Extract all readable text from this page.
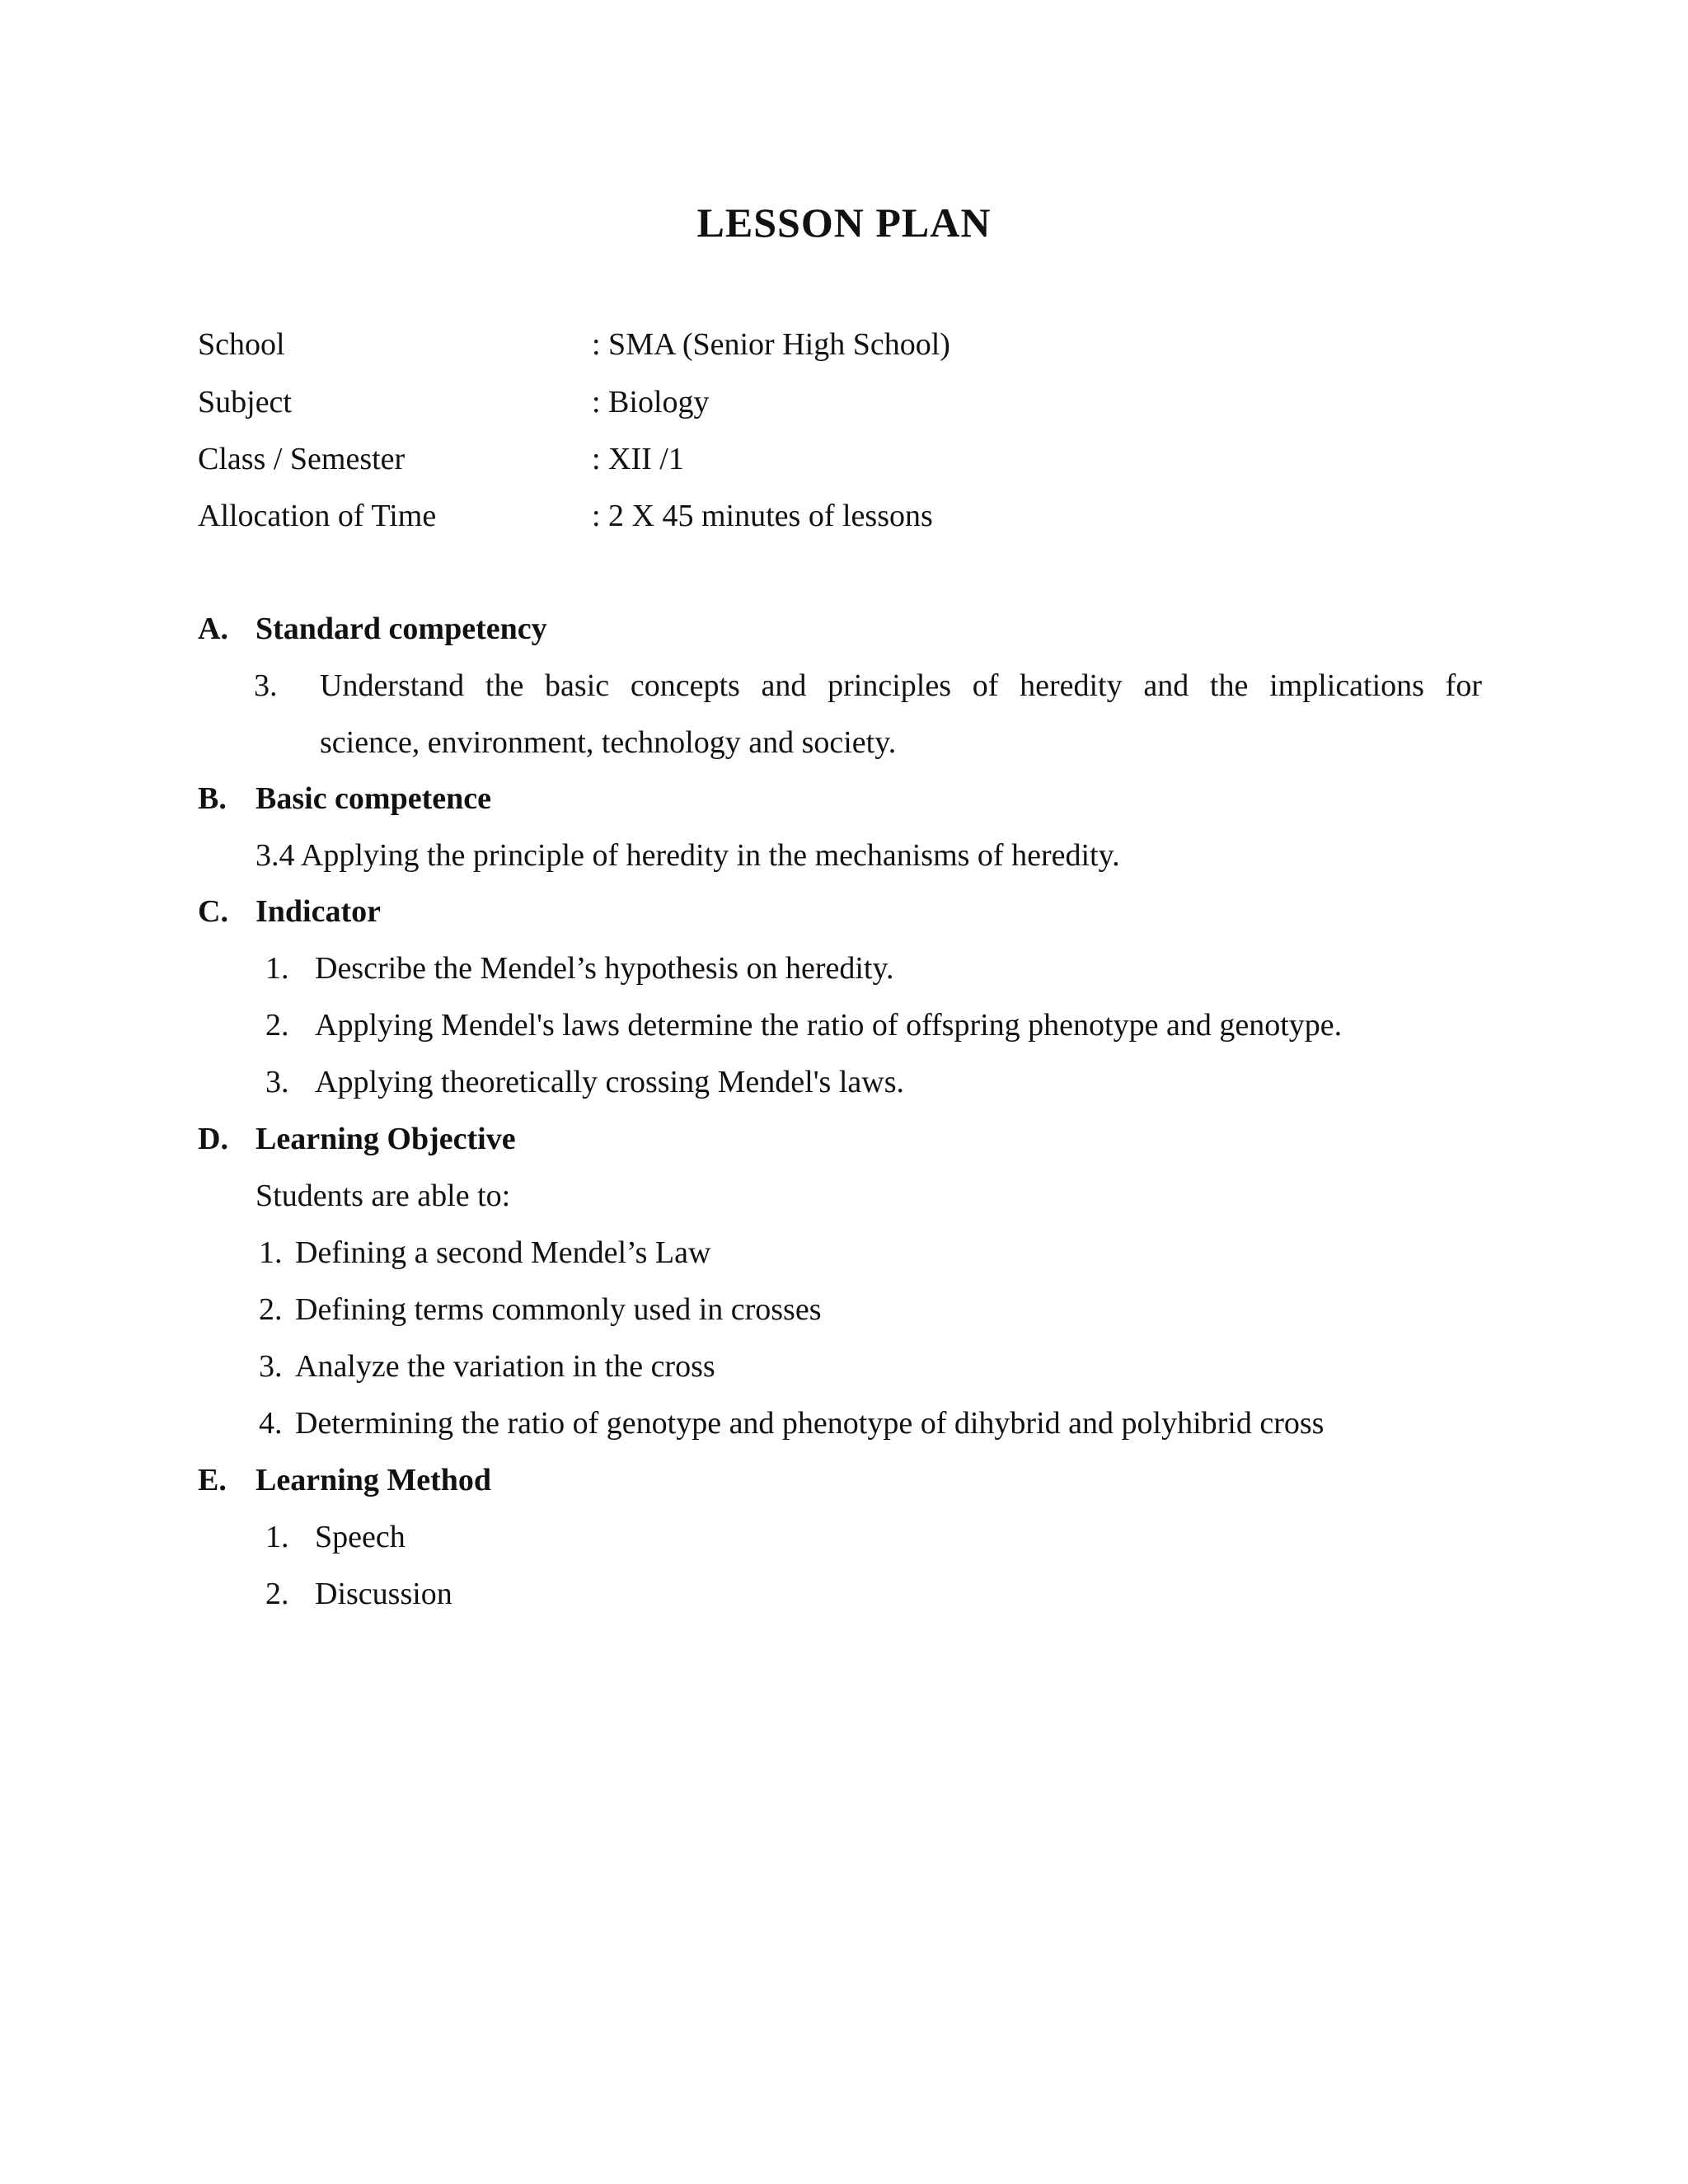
LESSON PLAN
School	: SMA (Senior High School)
Subject	: Biology
Class / Semester	: XII /1
Allocation of Time	: 2 X 45 minutes of lessons
A. Standard competency
3. Understand the basic concepts and principles of heredity and the implications for
science, environment, technology and society.
B. Basic competence
3.4 Applying the principle of heredity in the mechanisms of heredity.
C. Indicator
1. Describe the Mendel’s hypothesis on heredity.
2. Applying Mendel's laws determine the ratio of offspring phenotype and genotype.
3. Applying theoretically crossing Mendel's laws.
D. Learning Objective
Students are able to:
1. Defining a second Mendel’s Law
2. Defining terms commonly used in crosses
3. Analyze the variation in the cross
4. Determining the ratio of genotype and phenotype of dihybrid and polyhibrid cross
E. Learning Method
1. Speech
2. Discussion
